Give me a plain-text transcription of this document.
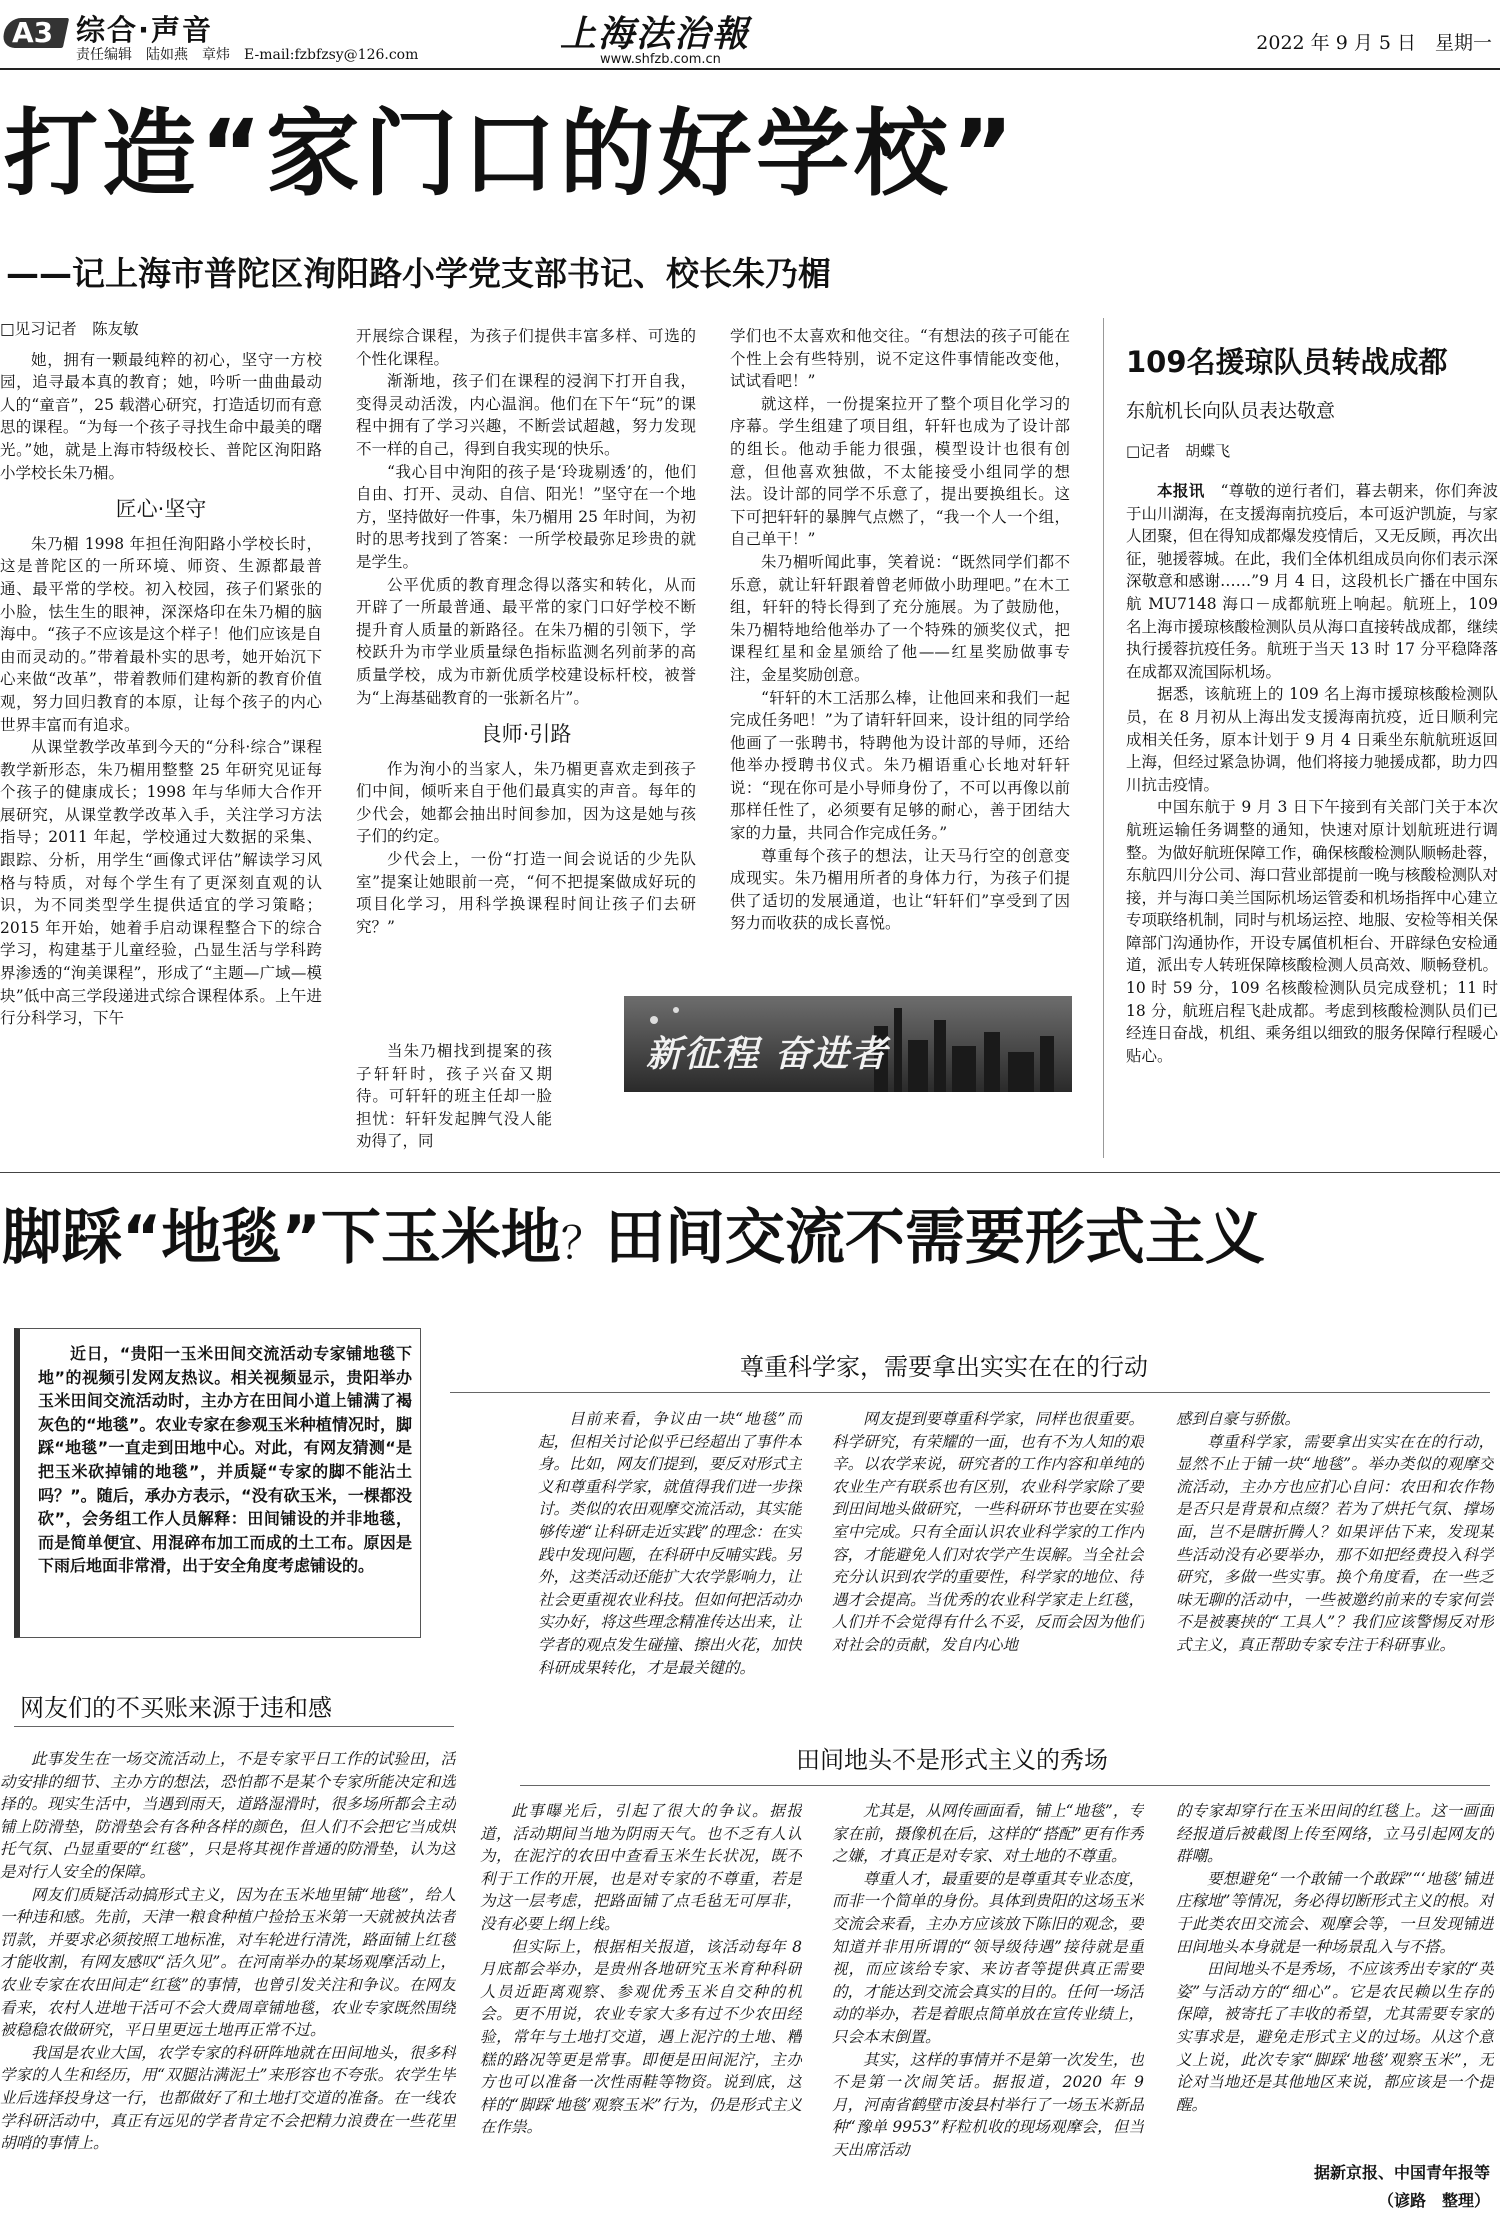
A3 综合·声音
责任编辑　陆如燕　章炜　E-mail:fzbfzsy@126.com	上海法治報
www.shfzb.com.cn
2022 年 9 月 5 日　星期一
打造“家门口的好学校”
——记上海市普陀区洵阳路小学党支部书记、校长朱乃楣

□见习记者　陈友敏

她，拥有一颗最纯粹的初心，坚守一方校园，追寻最本真的教育；她，吟听一曲曲最动人的“童音”，25 载潜心研究，打造适切而有意思的课程。“为每一个孩子寻找生命中最美的曙光。”她，就是上海市特级校长、普陀区洵阳路小学校长朱乃楣。

匠心·坚守

朱乃楣 1998 年担任洵阳路小学校长时，这是普陀区的一所环境、师资、生源都最普通、最平常的学校。初入校园，孩子们紧张的小脸，怯生生的眼神，深深烙印在朱乃楣的脑海中。“孩子不应该是这个样子！他们应该是自由而灵动的。”带着最朴实的思考，她开始沉下心来做“改革”，带着教师们建构新的教育价值观，努力回归教育的本原，让每个孩子的内心世界丰富而有追求。

从课堂教学改革到今天的“分科·综合”课程教学新形态，朱乃楣用整整 25 年研究见证每个孩子的健康成长；1998 年与华师大合作开展研究，从课堂教学改革入手，关注学习方法指导；2011 年起，学校通过大数据的采集、跟踪、分析，用学生“画像式评估”解读学习风格与特质，对每个学生有了更深刻直观的认识，为不同类型学生提供适宜的学习策略；2015 年开始，她着手启动课程整合下的综合学习，构建基于儿童经验，凸显生活与学科跨界渗透的“洵美课程”，形成了“主题—广域—模块”低中高三学段递进式综合课程体系。上午进行分科学习，下午

开展综合课程，为孩子们提供丰富多样、可选的个性化课程。

渐渐地，孩子们在课程的浸润下打开自我，变得灵动活泼，内心温润。他们在下午“玩”的课程中拥有了学习兴趣，不断尝试超越，努力发现不一样的自己，得到自我实现的快乐。

“我心目中洵阳的孩子是‘玲珑剔透’的，他们自由、打开、灵动、自信、阳光！”坚守在一个地方，坚持做好一件事，朱乃楣用 25 年时间，为初时的思考找到了答案：一所学校最弥足珍贵的就是学生。

公平优质的教育理念得以落实和转化，从而开辟了一所最普通、最平常的家门口好学校不断提升育人质量的新路径。在朱乃楣的引领下，学校跃升为市学业质量绿色指标监测名列前茅的高质量学校，成为市新优质学校建设标杆校，被誉为“上海基础教育的一张新名片”。

良师·引路

作为洵小的当家人，朱乃楣更喜欢走到孩子们中间，倾听来自于他们最真实的声音。每年的少代会，她都会抽出时间参加，因为这是她与孩子们的约定。

少代会上，一份“打造一间会说话的少先队室”提案让她眼前一亮，“何不把提案做成好玩的项目化学习，用科学换课程时间让孩子们去研究？”

当朱乃楣找到提案的孩子轩轩时，孩子兴奋又期待。可轩轩的班主任却一脸担忧：轩轩发起脾气没人能劝得了，同

学们也不太喜欢和他交往。“有想法的孩子可能在个性上会有些特别，说不定这件事情能改变他，试试看吧！”

就这样，一份提案拉开了整个项目化学习的序幕。学生组建了项目组，轩轩也成为了设计部的组长。他动手能力很强，模型设计也很有创意，但他喜欢独做，不太能接受小组同学的想法。设计部的同学不乐意了，提出要换组长。这下可把轩轩的暴脾气点燃了，“我一个人一个组，自己单干！”

朱乃楣听闻此事，笑着说：“既然同学们都不乐意，就让轩轩跟着曾老师做小助理吧。”在木工组，轩轩的特长得到了充分施展。为了鼓励他，朱乃楣特地给他举办了一个特殊的颁奖仪式，把课程红星和金星颁给了他——红星奖励做事专注，金星奖励创意。

“轩轩的木工活那么棒，让他回来和我们一起完成任务吧！”为了请轩轩回来，设计组的同学给他画了一张聘书，特聘他为设计部的导师，还给他举办授聘书仪式。朱乃楣语重心长地对轩轩说：“现在你可是小导师身份了，不可以再像以前那样任性了，必须要有足够的耐心，善于团结大家的力量，共同合作完成任务。”

尊重每个孩子的想法，让天马行空的创意变成现实。朱乃楣用所者的身体力行，为孩子们提供了适切的发展通道，也让“轩轩们”享受到了因努力而收获的成长喜悦。

新征程 奋进者
109名援琼队员转战成都
东航机长向队员表达敬意
□记者　胡蝶飞

本报讯　 “尊敬的逆行者们，暮去朝来，你们奔波于山川湖海，在支援海南抗疫后，本可返沪凯旋，与家人团聚，但在得知成都爆发疫情后，又无反顾，再次出征，驰援蓉城。在此，我们全体机组成员向你们表示深深敬意和感谢……”9 月 4 日，这段机长广播在中国东航 MU7148 海口－成都航班上响起。航班上，109 名上海市援琼核酸检测队员从海口直接转战成都，继续执行援蓉抗疫任务。航班于当天 13 时 17 分平稳降落在成都双流国际机场。

据悉，该航班上的 109 名上海市援琼核酸检测队员，在 8 月初从上海出发支援海南抗疫，近日顺利完成相关任务，原本计划于 9 月 4 日乘坐东航航班返回上海，但经过紧急协调，他们将接力驰援成都，助力四川抗击疫情。

中国东航于 9 月 3 日下午接到有关部门关于本次航班运输任务调整的通知，快速对原计划航班进行调整。为做好航班保障工作，确保核酸检测队顺畅赴蓉，东航四川分公司、海口营业部提前一晚与核酸检测队对接，并与海口美兰国际机场运管委和机场指挥中心建立专项联络机制，同时与机场运控、地服、安检等相关保障部门沟通协作，开设专属值机柜台、开辟绿色安检通道，派出专人转班保障核酸检测人员高效、顺畅登机。10 时 59 分，109 名核酸检测队员完成登机；11 时 18 分，航班启程飞赴成都。考虑到核酸检测队员们已经连日奋战，机组、乘务组以细致的服务保障行程暖心贴心。

脚踩“地毯”下玉米地？田间交流不需要形式主义

近日，“贵阳一玉米田间交流活动专家铺地毯下地”的视频引发网友热议。相关视频显示，贵阳举办玉米田间交流活动时，主办方在田间小道上铺满了褐灰色的“地毯”。农业专家在参观玉米种植情况时，脚踩“地毯”一直走到田地中心。对此，有网友猜测“是把玉米砍掉铺的地毯”，并质疑“专家的脚不能沾土吗？”。随后，承办方表示，“没有砍玉米，一棵都没砍”，会务组工作人员解释：田间铺设的并非地毯，而是简单便宜、用混碎布加工而成的土工布。原因是下雨后地面非常滑，出于安全角度考虑铺设的。

尊重科学家，需要拿出实实在在的行动

目前来看，争议由一块“地毯”而起，但相关讨论似乎已经超出了事件本身。比如，网友们提到，要反对形式主义和尊重科学家，就值得我们进一步探讨。类似的农田观摩交流活动，其实能够传递“让科研走近实践”的理念：在实践中发现问题，在科研中反哺实践。另外，这类活动还能扩大农学影响力，让社会更重视农业科技。但如何把活动办实办好，将这些理念精准传达出来，让学者的观点发生碰撞、擦出火花，加快科研成果转化，才是最关键的。

网友提到要尊重科学家，同样也很重要。科学研究，有荣耀的一面，也有不为人知的艰辛。以农学来说，研究者的工作内容和单纯的农业生产有联系也有区别，农业科学家除了要到田间地头做研究，一些科研环节也要在实验室中完成。只有全面认识农业科学家的工作内容，才能避免人们对农学产生误解。当全社会充分认识到农学的重要性，科学家的地位、待遇才会提高。当优秀的农业科学家走上红毯，人们并不会觉得有什么不妥，反而会因为他们对社会的贡献，发自内心地

感到自豪与骄傲。

尊重科学家，需要拿出实实在在的行动，显然不止于铺一块“地毯”。举办类似的观摩交流活动，主办方也应扪心自问：农田和农作物是否只是背景和点缀？若为了烘托气氛、撑场面，岂不是瞎折腾人？如果评估下来，发现某些活动没有必要举办，那不如把经费投入科学研究，多做一些实事。换个角度看，在一些乏味无聊的活动中，一些被邀约前来的专家何尝不是被裹挟的“工具人”？我们应该警惕反对形式主义，真正帮助专家专注于科研事业。

网友们的不买账来源于违和感
田间地头不是形式主义的秀场

此事发生在一场交流活动上，不是专家平日工作的试验田，活动安排的细节、主办方的想法，恐怕都不是某个专家所能决定和选择的。现实生活中，当遇到雨天，道路湿滑时，很多场所都会主动铺上防滑垫，防滑垫会有各种各样的颜色，但人们不会把它当成烘托气氛、凸显重要的“红毯”，只是将其视作普通的防滑垫，认为这是对行人安全的保障。

网友们质疑活动搞形式主义，因为在玉米地里铺“地毯”，给人一种违和感。先前，天津一粮食种植户捡拾玉米第一天就被执法者罚款，并要求必须按照工地标准，对车轮进行清洗，路面铺上红毯才能收割，有网友感叹“活久见”。在河南举办的某场观摩活动上，农业专家在农田间走“红毯”的事情，也曾引发关注和争议。在网友看来，农村人进地干活可不会大费周章铺地毯，农业专家既然围绕被稳稳农做研究，平日里更远土地再正常不过。

我国是农业大国，农学专家的科研阵地就在田间地头，很多科学家的人生和经历，用“双腿沾满泥土”来形容也不夸张。农学生毕业后选择投身这一行，也都做好了和土地打交道的准备。在一线农学科研活动中，真正有远见的学者肯定不会把精力浪费在一些花里胡哨的事情上。

此事曝光后，引起了很大的争议。据报道，活动期间当地为阴雨天气。也不乏有人认为，在泥泞的农田中查看玉米生长状况，既不利于工作的开展，也是对专家的不尊重，若是为这一层考虑，把路面铺了点毛毡无可厚非，没有必要上纲上线。

但实际上，根据相关报道，该活动每年 8 月底都会举办，是贵州各地研究玉米育种科研人员近距离观察、参观优秀玉米自交种的机会。更不用说，农业专家大多有过不少农田经验，常年与土地打交道，遇上泥泞的土地、糟糕的路况等更是常事。即便是田间泥泞，主办方也可以准备一次性雨鞋等物资。说到底，这样的“脚踩‘地毯’观察玉米”行为，仍是形式主义在作祟。

尤其是，从网传画面看，铺上“地毯”，专家在前，摄像机在后，这样的“搭配”更有作秀之嫌，才真正是对专家、对土地的不尊重。

尊重人才，最重要的是尊重其专业态度，而非一个简单的身份。具体到贵阳的这场玉米交流会来看，主办方应该放下陈旧的观念，要知道并非用所谓的“领导级待遇”接待就是重视，而应该给专家、来访者等提供真正需要的，才能达到交流会真实的目的。任何一场活动的举办，若是着眼点简单放在宣传业绩上，只会本末倒置。

其实，这样的事情并不是第一次发生，也不是第一次闹笑话。据报道，2020 年 9 月，河南省鹤壁市浚县村举行了一场玉米新品种“豫单 9953”籽粒机收的现场观摩会，但当天出席活动

的专家却穿行在玉米田间的红毯上。这一画面经报道后被截图上传至网络，立马引起网友的群嘲。

要想避免“一个敢铺一个敢踩”“‘地毯’铺进庄稼地”等情况，务必得切断形式主义的根。对于此类农田交流会、观摩会等，一旦发现铺进田间地头本身就是一种场景乱入与不搭。

田间地头不是秀场，不应该秀出专家的“英姿”与活动方的“细心”。它是农民赖以生存的保障，被寄托了丰收的希望，尤其需要专家的实事求是，避免走形式主义的过场。从这个意义上说，此次专家“脚踩‘地毯’观察玉米”，无论对当地还是其他地区来说，都应该是一个提醒。

据新京报、中国青年报等
（谚路　整理）
